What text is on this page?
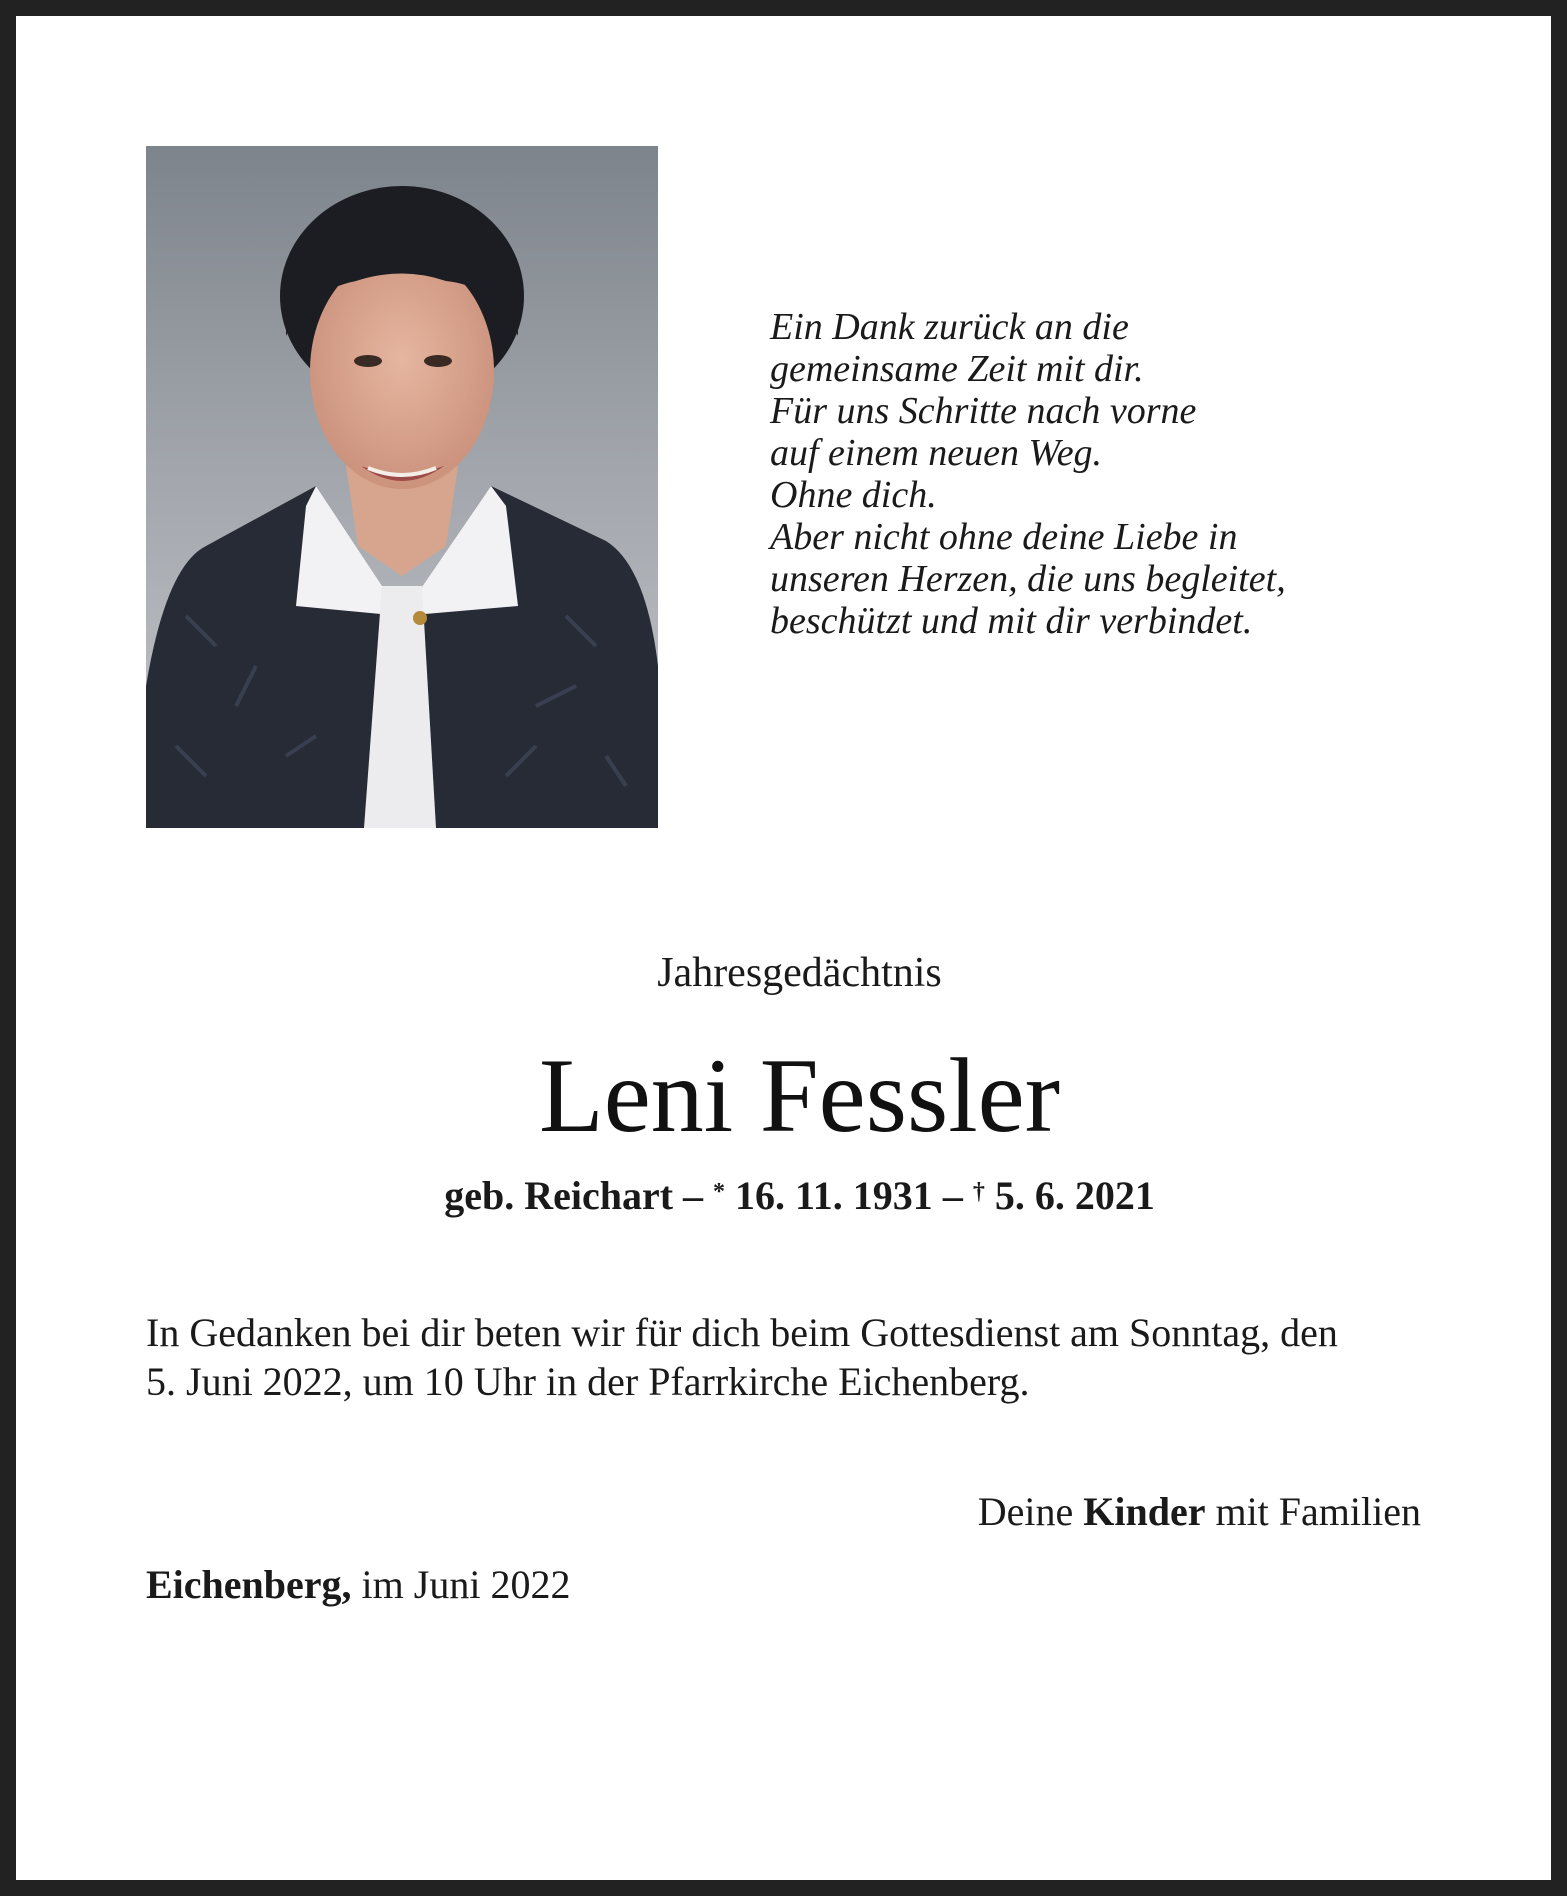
Ein Dank zurück an die
gemeinsame Zeit mit dir.
Für uns Schritte nach vorne
auf einem neuen Weg.
Ohne dich.
Aber nicht ohne deine Liebe in
unseren Herzen, die uns begleitet,
beschützt und mit dir verbindet.
Jahresgedächtnis
Leni Fessler
geb. Reichart – * 16. 11. 1931 – † 5. 6. 2021
In Gedanken bei dir beten wir für dich beim Gottesdienst am Sonntag, den
5. Juni 2022, um 10 Uhr in der Pfarrkirche Eichenberg.
Deine Kinder mit Familien
Eichenberg, im Juni 2022
